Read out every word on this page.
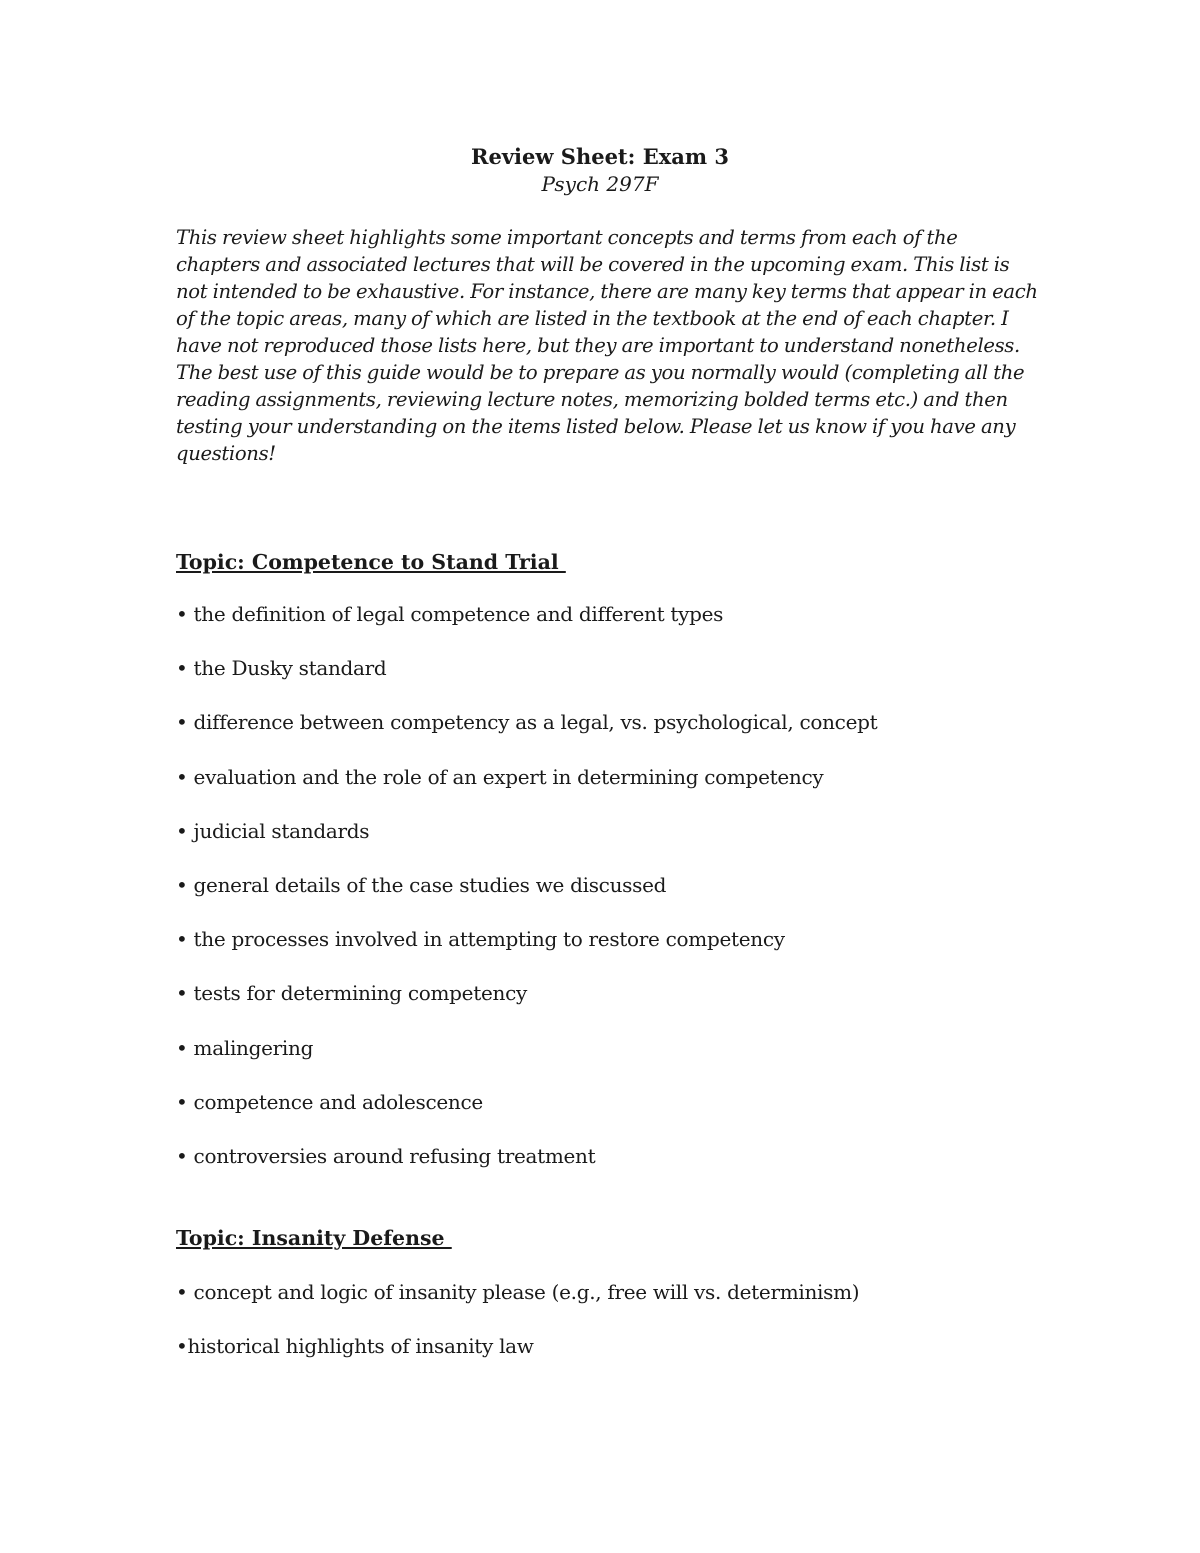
Review Sheet: Exam 3
Psych 297F

This review sheet highlights some important concepts and terms from each of the chapters and associated lectures that will be covered in the upcoming exam. This list is not intended to be exhaustive. For instance, there are many key terms that appear in each of the topic areas, many of which are listed in the textbook at the end of each chapter. I have not reproduced those lists here, but they are important to understand nonetheless. The best use of this guide would be to prepare as you normally would (completing all the reading assignments, reviewing lecture notes, memorizing bolded terms etc.) and then testing your understanding on the items listed below. Please let us know if you have any questions!

Topic: Competence to Stand Trial
• the definition of legal competence and different types
• the Dusky standard
• difference between competency as a legal, vs. psychological, concept
• evaluation and the role of an expert in determining competency
• judicial standards
• general details of the case studies we discussed
• the processes involved in attempting to restore competency
• tests for determining competency
• malingering
• competence and adolescence
• controversies around refusing treatment
Topic: Insanity Defense
• concept and logic of insanity please (e.g., free will vs. determinism)
•historical highlights of insanity law
